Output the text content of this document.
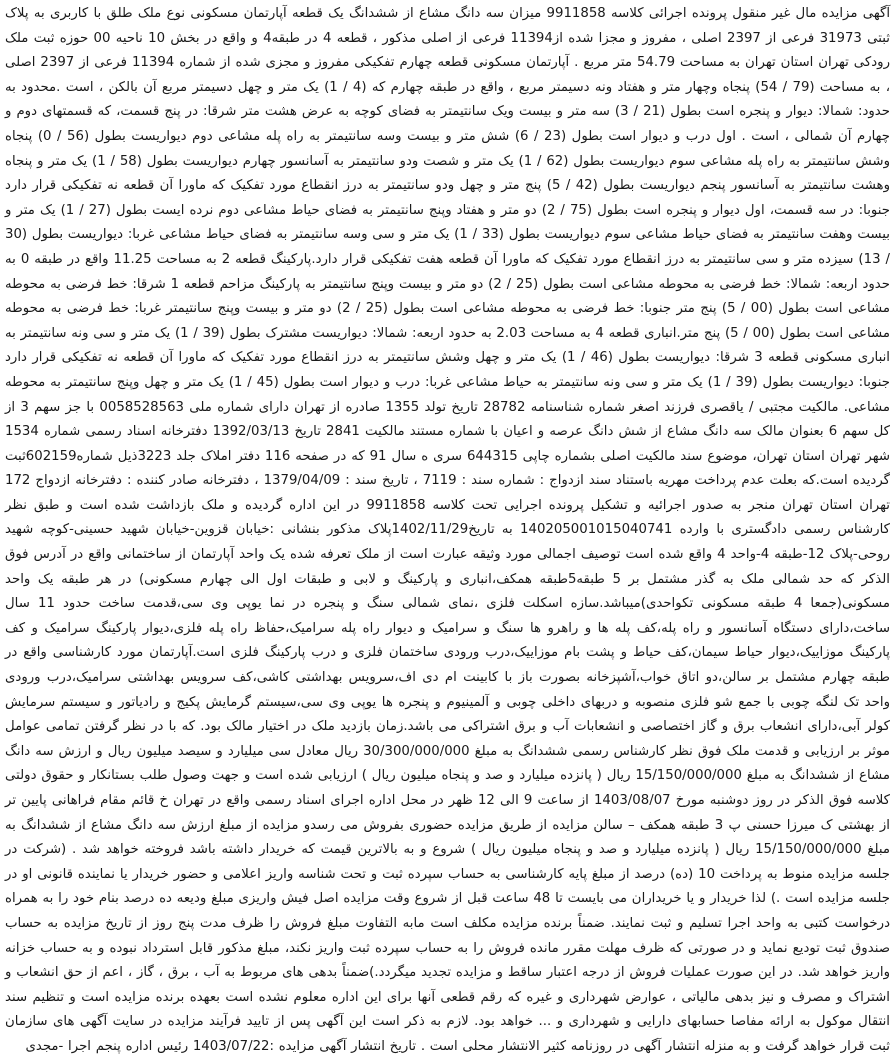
آگهی مزایده مال غیر منقول پرونده اجرائی کلاسه 9911858 میزان سه دانگ مشاع از ششدانگ یک قطعه آپارتمان مسکونی نوع ملک طلق با کاربری به پلاک ثبتی 31973 فرعی از 2397 اصلی ، مفروز و مجزا شده از11394 فرعی از اصلی مذکور ، قطعه 4 در طبقه4 و واقع در بخش 10 ناحیه 00 حوزه ثبت ملک رودکی تهران استان تهران به مساحت 54.79 متر مربع . آپارتمان مسکونی قطعه چهارم تفکیکی مفروز و مجزی شده از شماره 11394 فرعی از 2397 اصلی ، به مساحت (79 / 54) پنجاه وچهار متر و هفتاد ونه دسیمتر مربع ، واقع در طبقه چهارم که (4 / 1) یک متر و چهل دسیمتر مربع آن بالکن ، است .محدود به حدود: شمالا: دیوار و پنجره است بطول (21 / 3) سه متر و بیست ویک سانتیمتر به فضای کوچه به عرض هشت متر شرقا: در پنج قسمت، که قسمتهای دوم و چهارم آن شمالی ، است . اول درب و دیوار است بطول (23 / 6) شش متر و بیست وسه سانتیمتر به راه پله مشاعی دوم دیواریست بطول (56 / 0) پنجاه وشش سانتیمتر به راه پله مشاعی سوم دیواریست بطول (62 / 1) یک متر و شصت ودو سانتیمتر به آسانسور چهارم دیواریست بطول (58 / 1) یک متر و پنجاه وهشت سانتیمتر به آسانسور پنجم دیواریست بطول (42 / 5) پنج متر و چهل ودو سانتیمتر به درز انقطاع مورد تفکیک که ماورا آن قطعه نه تفکیکی قرار دارد جنوبا: در سه قسمت، اول دیوار و پنجره است بطول (75 / 2) دو متر و هفتاد وپنج سانتیمتر به فضای حیاط مشاعی دوم نرده ایست بطول (27 / 1) یک متر و بیست وهفت سانتیمتر به فضای حیاط مشاعی سوم دیواریست بطول (33 / 1) یک متر و سی وسه سانتیمتر به فضای حیاط مشاعی غربا: دیواریست بطول (30 / 13) سیزده متر و سی سانتیمتر به درز انقطاع مورد تفکیک که ماورا آن قطعه هفت تفکیکی قرار دارد.پارکینگ قطعه 2 به مساحت 11.25 واقع در طبقه 0 به حدود اربعه: شمالا: خط فرضی به محوطه مشاعی است بطول (25 / 2) دو متر و بیست وپنج سانتیمتر به پارکینگ مزاحم قطعه 1 شرقا: خط فرضی به محوطه مشاعی است بطول (00 / 5) پنج متر جنوبا: خط فرضی به محوطه مشاعی است بطول (25 / 2) دو متر و بیست وپنج سانتیمتر غربا: خط فرضی به محوطه مشاعی است بطول (00 / 5) پنج متر.انباری قطعه 4 به مساحت 2.03 به حدود اربعه: شمالا: دیواریست مشترک بطول (39 / 1) یک متر و سی ونه سانتیمتر به انباری مسکونی قطعه 3 شرقا: دیواریست بطول (46 / 1) یک متر و چهل وشش سانتیمتر به درز انقطاع مورد تفکیک که ماورا آن قطعه نه تفکیکی قرار دارد جنوبا: دیواریست بطول (39 / 1) یک متر و سی ونه سانتیمتر به حیاط مشاعی غربا: درب و دیوار است بطول (45 / 1) یک متر و چهل وپنج سانتیمتر به محوطه مشاعی. مالکیت مجتبی / یاقصری فرزند اصغر شماره شناسنامه 28782 تاریخ تولد 1355 صادره از تهران دارای شماره ملی 0058528563 با جز سهم 3 از کل سهم 6 بعنوان مالک سه دانگ مشاع از شش دانگ عرصه و اعیان با شماره مستند مالکیت 2841 تاریخ 1392/03/13 دفترخانه اسناد رسمی شماره 1534 شهر تهران استان تهران، موضوع سند مالکیت اصلی بشماره چاپی 644315 سری ه سال 91 که در صفحه 116 دفتر املاک جلد 3223ذیل شماره602159ثبت گردیده است.که بعلت عدم پرداخت مهریه باستناد سند ازدواج : شماره سند : 7119 ، تاریخ سند : 1379/04/09 ، دفترخانه صادر کننده : دفترخانه ازدواج 172 تهران استان تهران منجر به صدور اجرائیه و تشکیل پرونده اجرایی تحت کلاسه 9911858 در این اداره گردیده و ملک بازداشت شده است و طبق نظر کارشناس رسمی دادگستری با وارده 140205001015040741 به تاریخ1402/11/29پلاک مذکور بنشانی :خیابان قزوین-خیابان شهید حسینی-کوچه شهید روحی-پلاک 12-طبقه 4-واحد 4 واقع شده است توصیف اجمالی مورد وثیقه عبارت است از ملک تعرفه شده یک واحد آپارتمان از ساختمانی واقع در آدرس فوق الذکر که حد شمالی ملک به گذر مشتمل بر 5 طبقه5طبقه همکف،انباری و پارکینگ و لابی و طبقات اول الی چهارم مسکونی) در هر طبقه یک واحد مسکونی(جمعا 4 طبقه مسکونی تکواحدی)میباشد.سازه اسکلت فلزی ،نمای شمالی سنگ و پنجره در نما یوپی وی سی،قدمت ساخت حدود 11 سال ساخت،دارای دستگاه آسانسور و راه پله،کف پله ها و راهرو ها سنگ و سرامیک و دیوار راه پله سرامیک،حفاظ راه پله فلزی،دیوار پارکینگ سرامیک و کف پارکینگ موزاییک،دیوار حیاط سیمان،کف حیاط و پشت بام موزاییک،درب ورودی ساختمان فلزی و درب پارکینگ فلزی است.آپارتمان مورد کارشناسی واقع در طبقه چهارم مشتمل بر سالن،دو اتاق خواب،آشپزخانه بصورت باز با کابینت ام دی اف،سرویس بهداشتی کاشی،کف سرویس بهداشتی سرامیک،درب ورودی واحد تک لنگه چوبی با جمع شو فلزی منصوبه و دربهای داخلی چوبی و آلمینیوم و پنجره ها یوپی وی سی،سیستم گرمایش پکیج و رادیاتور و سیستم سرمایش کولر آبی،دارای انشعاب برق و گاز اختصاصی و انشعابات آب و برق اشتراکی می باشد.زمان بازدید ملک در اختیار مالک بود. که با در نظر گرفتن تمامی عوامل موثر بر ارزیابی و قدمت ملک فوق نظر کارشناس رسمی ششدانگ به مبلغ 30/300/000/000 ریال معادل سی میلیارد و سیصد میلیون ریال و ارزش سه دانگ مشاع از ششدانگ به مبلغ 15/150/000/000 ریال ( پانزده میلیارد و صد و پنجاه میلیون ریال ) ارزیابی شده است و جهت وصول طلب بستانکار و حقوق دولتی کلاسه فوق الذکر در روز دوشنبه مورخ 1403/08/07 از ساعت 9 الی 12 ظهر در محل اداره اجرای اسناد رسمی واقع در تهران خ قائم مقام فراهانی پایین تر از بهشتی ک میرزا حسنی پ 3 طبقه همکف – سالن مزایده از طریق مزایده حضوری بفروش می رسدو مزایده از مبلغ ارزش سه دانگ مشاع از ششدانگ به مبلغ 15/150/000/000 ریال ( پانزده میلیارد و صد و پنجاه میلیون ریال ) شروع و به بالاترین قیمت که خریدار داشته باشد فروخته خواهد شد . (شرکت در جلسه مزایده منوط به پرداخت 10 (ده) درصد از مبلغ پایه کارشناسی به حساب سپرده ثبت و تحت شناسه واریز اعلامی و حضور خریدار یا نماینده قانونی او در جلسه مزایده است .) لذا خریدار و یا خریداران می بایست تا 48 ساعت قبل از شروع وقت مزایده اصل فیش واریزی مبلغ ودیعه ده درصد بنام خود را به همراه درخواست کتبی به واحد اجرا تسلیم و ثبت نمایند. ضمناً برنده مزایده مکلف است مابه التفاوت مبلغ فروش را ظرف مدت پنج روز از تاریخ مزایده به حساب صندوق ثبت تودیع نماید و در صورتی که ظرف مهلت مقرر مانده فروش را به حساب سپرده ثبت واریز نکند، مبلغ مذکور قابل استرداد نبوده و به حساب خزانه واریز خواهد شد. در این صورت عملیات فروش از درجه اعتبار ساقط و مزایده تجدید میگردد.)ضمناً بدهی های مربوط به آب ، برق ، گاز ، اعم از حق انشعاب و اشتراک و مصرف و نیز بدهی مالیاتی ، عوارض شهرداری و غیره که رقم قطعی آنها برای این اداره معلوم نشده است بعهده برنده مزایده است و تنظیم سند انتقال موکول به ارائه مفاصا حسابهای دارایی و شهرداری و ... خواهد بود. لازم به ذکر است این آگهی پس از تایید فرآیند مزایده در سایت آگهی های سازمان ثبت قرار خواهد گرفت و به منزله انتشار آگهی در روزنامه کثیر الانتشار محلی است . تاریخ انتشار آگهی مزایده :1403/07/22 رئیس اداره پنجم اجرا -مجدی
